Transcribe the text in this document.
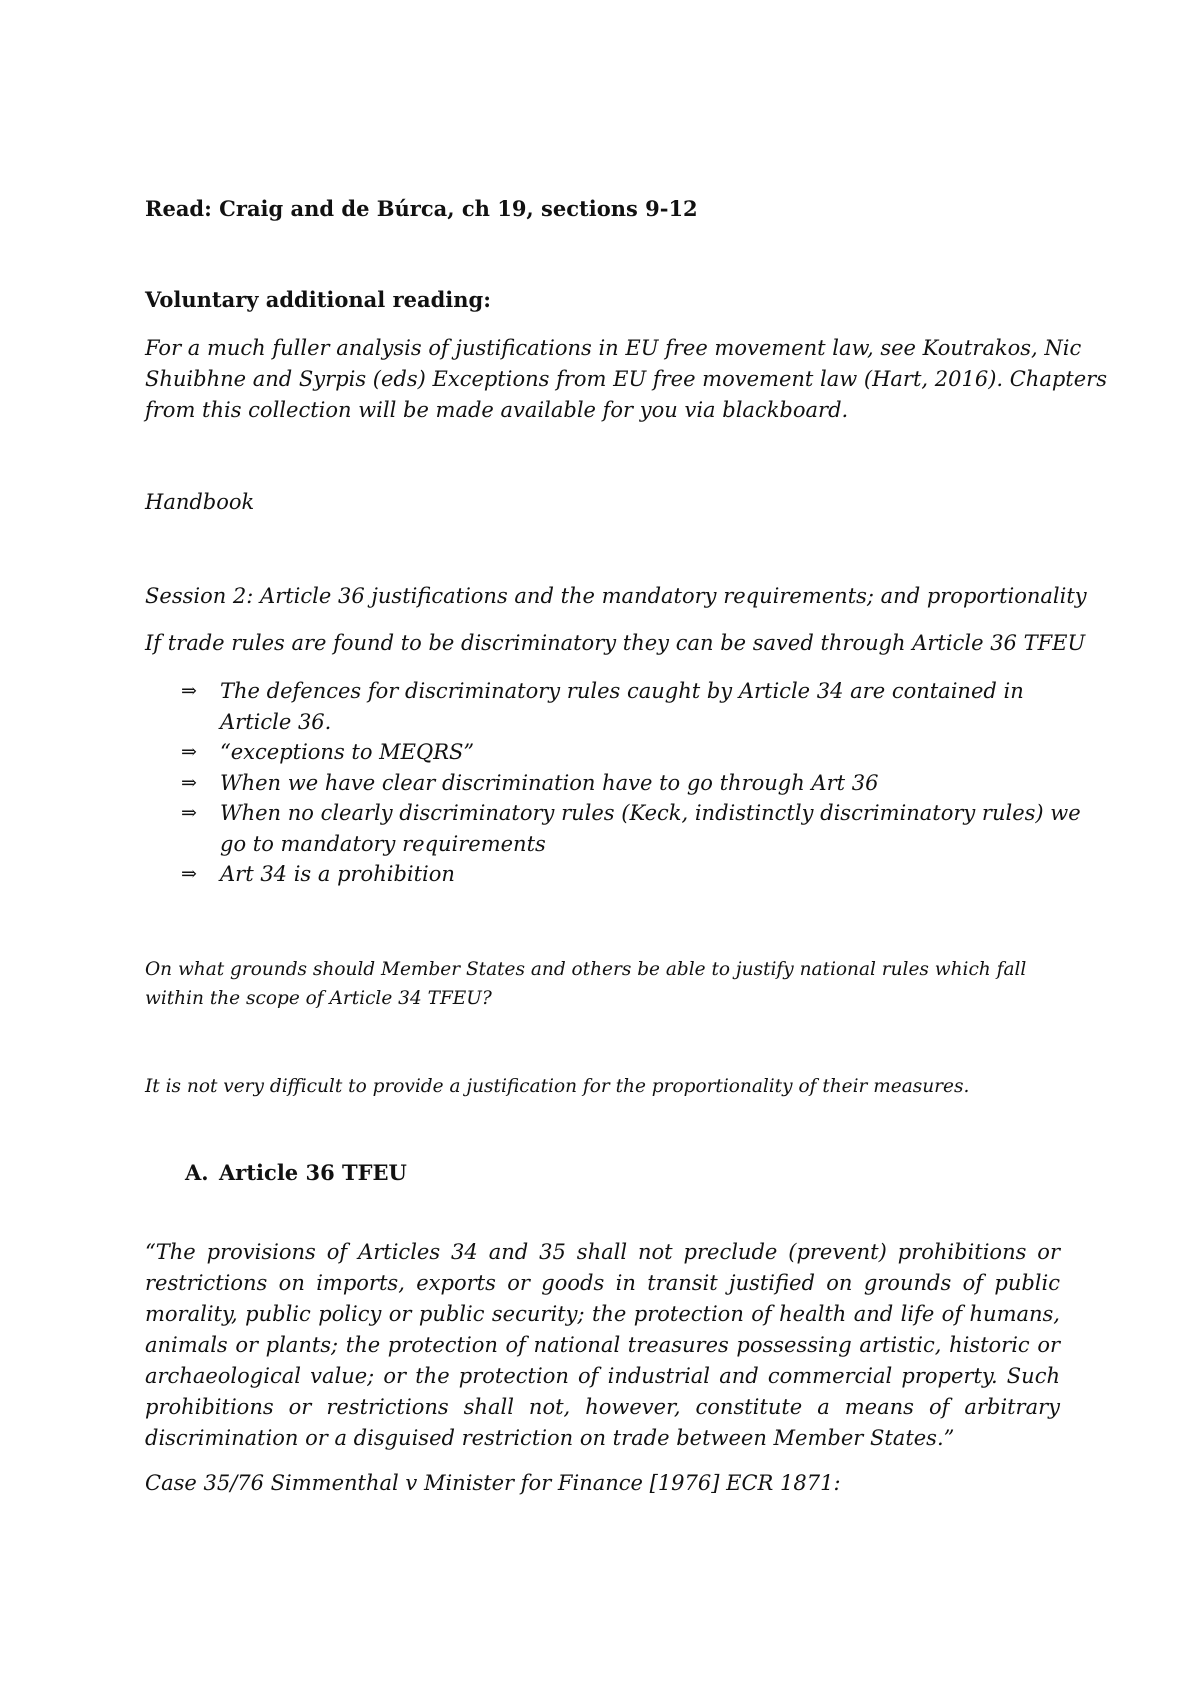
Read: Craig and de Búrca, ch 19, sections 9-12
Voluntary additional reading:
For a much fuller analysis of justifications in EU free movement law, see Koutrakos, Nic
Shuibhne and Syrpis (eds) Exceptions from EU free movement law (Hart, 2016). Chapters
from this collection will be made available for you via blackboard.
Handbook
Session 2: Article 36 justifications and the mandatory requirements; and proportionality
If trade rules are found to be discriminatory they can be saved through Article 36 TFEU
⇒ The defences for discriminatory rules caught by Article 34 are contained in Article 36.
⇒ “exceptions to MEQRS”
⇒ When we have clear discrimination have to go through Art 36
⇒ When no clearly discriminatory rules (Keck, indistinctly discriminatory rules) we go to mandatory requirements
⇒ Art 34 is a prohibition
On what grounds should Member States and others be able to justify national rules which fall
within the scope of Article 34 TFEU?
It is not very difficult to provide a justification for the proportionality of their measures.
A. Article 36 TFEU

“The provisions of Articles 34 and 35 shall not preclude (prevent) prohibitions or restrictions on imports, exports or goods in transit justified on grounds of public morality, public policy or public security; the protection of health and life of humans, animals or plants; the protection of national treasures possessing artistic, historic or archaeological value; or the protection of industrial and commercial property. Such prohibitions or restrictions shall not, however, constitute a means of arbitrary discrimination or a disguised restriction on trade between Member States.”

Case 35/76 Simmenthal v Minister for Finance [1976] ECR 1871:
